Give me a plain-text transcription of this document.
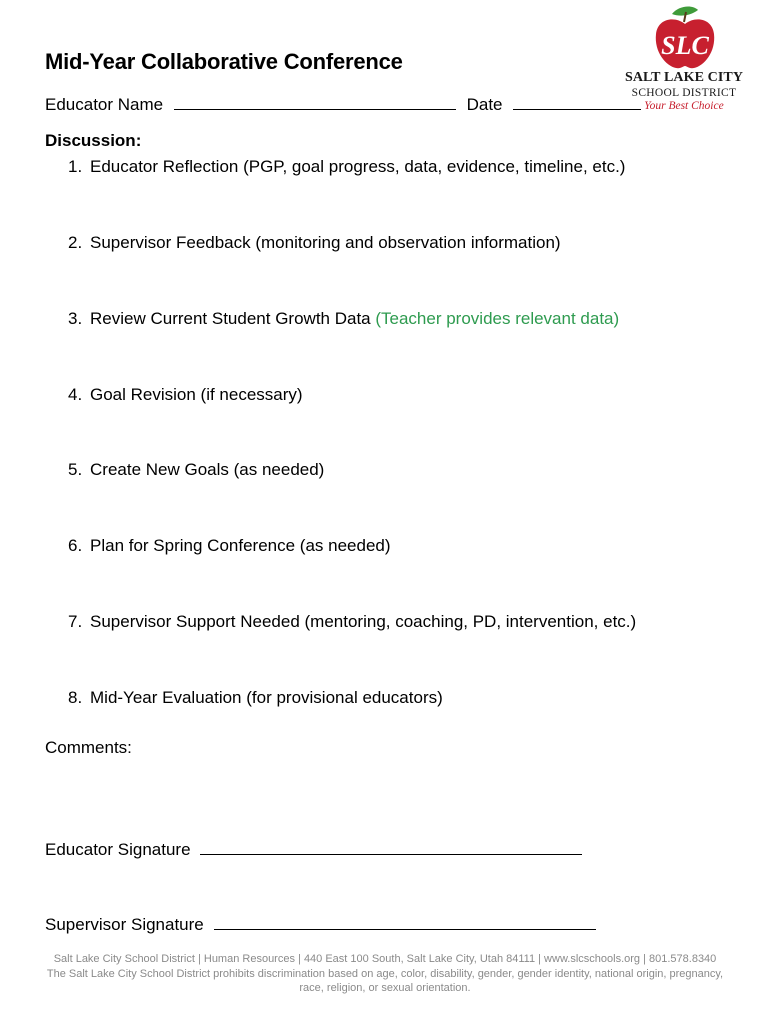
Mid-Year Collaborative Conference
SLC
SALT LAKE CITY
SCHOOL DISTRICT
Your Best Choice
Educator Name	Date
Discussion:
1. Educator Reflection (PGP, goal progress, data, evidence, timeline, etc.)
2. Supervisor Feedback (monitoring and observation information)
3. Review Current Student Growth Data (Teacher provides relevant data)
4. Goal Revision (if necessary)
5. Create New Goals (as needed)
6. Plan for Spring Conference (as needed)
7. Supervisor Support Needed (mentoring, coaching, PD, intervention, etc.)
8. Mid-Year Evaluation (for provisional educators)
Comments:
Educator Signature
Supervisor Signature
Salt Lake City School District | Human Resources | 440 East 100 South, Salt Lake City, Utah 84111 | www.slcschools.org | 801.578.8340
The Salt Lake City School District prohibits discrimination based on age, color, disability, gender, gender identity, national origin, pregnancy,
race, religion, or sexual orientation.
